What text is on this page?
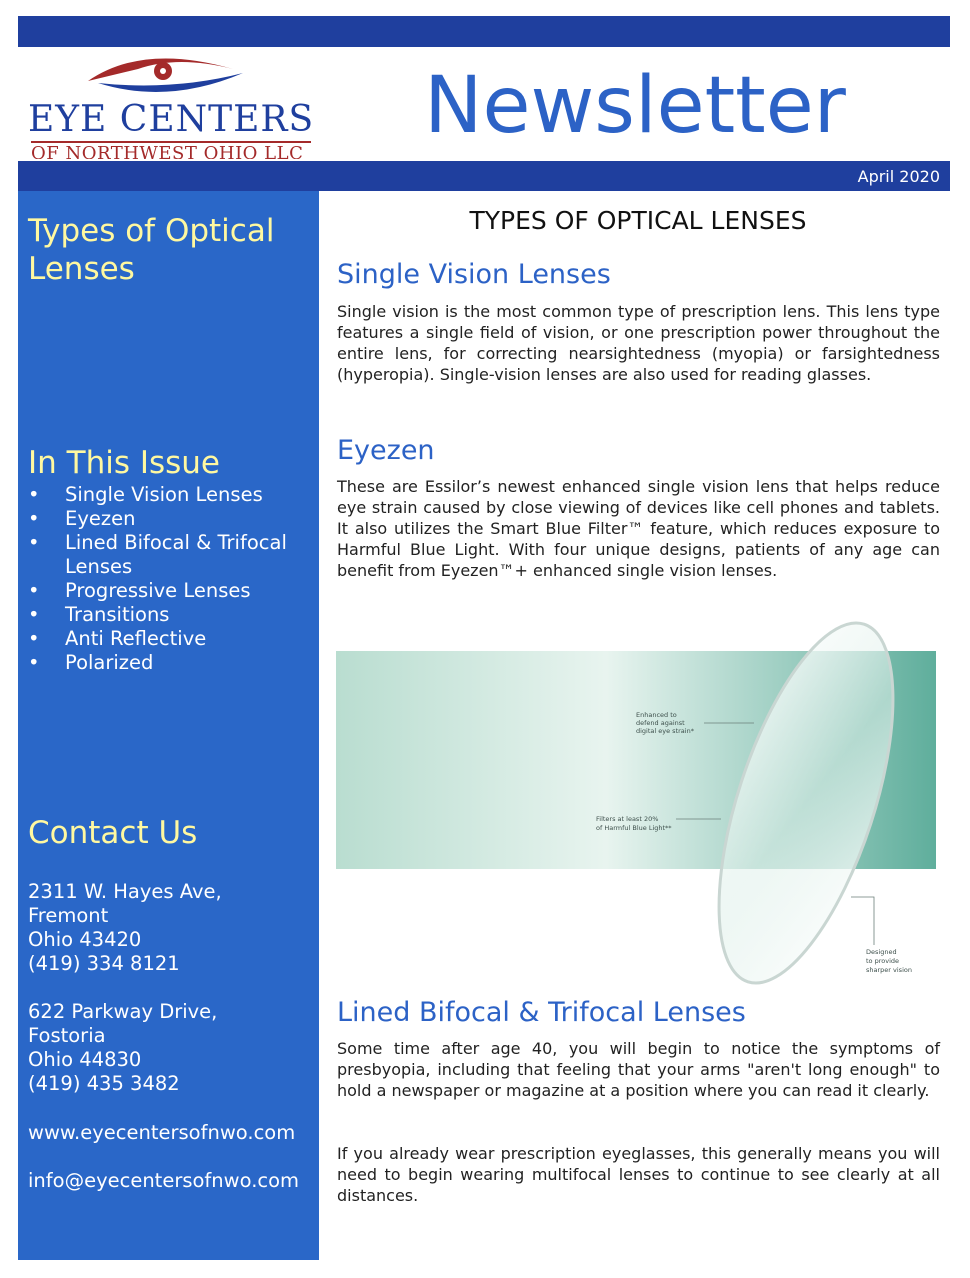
EYE CENTERS
OF NORTHWEST OHIO LLC
Newsletter
April 2020
Types of Optical Lenses
In This Issue
• Single Vision Lenses
• Eyezen
• Lined Bifocal & Trifocal Lenses
• Progressive Lenses
• Transitions
• Anti Reflective
• Polarized
Contact Us
2311 W. Hayes Ave,
Fremont
Ohio 43420
(419) 334 8121
622 Parkway Drive,
Fostoria
Ohio 44830
(419) 435 3482
www.eyecentersofnwo.com
info@eyecentersofnwo.com
TYPES OF OPTICAL LENSES
Single Vision Lenses

Single vision is the most common type of prescription lens. This lens type features a single field of vision, or one prescription power throughout the entire lens, for correcting nearsightedness (myopia) or farsightedness (hyperopia). Single-vision lenses are also used for reading glasses.

Eyezen

These are Essilor’s newest enhanced single vision lens that helps reduce eye strain caused by close viewing of devices like cell phones and tablets. It also utilizes the Smart Blue Filter™ feature, which reduces exposure to Harmful Blue Light. With four unique designs, patients of any age can benefit from Eyezen™+ enhanced single vision lenses.

Enhanced to
defend against
digital eye strain*
Filters at least 20%
of Harmful Blue Light**
Designed
to provide
sharper vision
Lined Bifocal & Trifocal Lenses

Some time after age 40, you will begin to notice the symptoms of presbyopia, including that feeling that your arms "aren't long enough" to hold a newspaper or magazine at a position where you can read it clearly.

If you already wear prescription eyeglasses, this generally means you will need to begin wearing multifocal lenses to continue to see clearly at all distances.
